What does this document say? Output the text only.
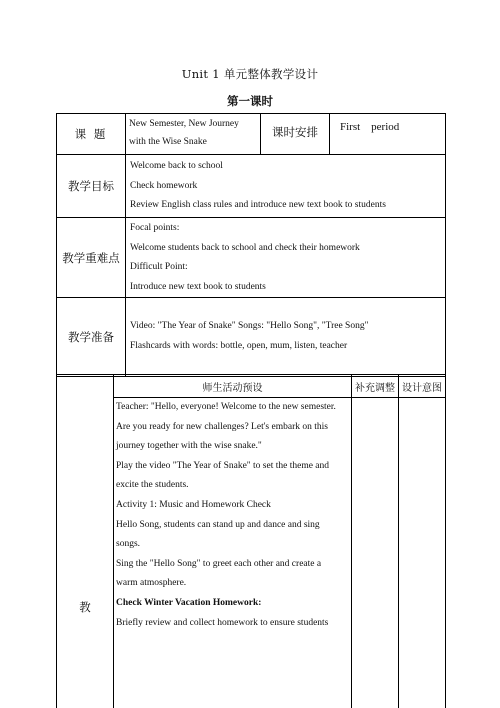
Unit 1 单元整体教学设计
第一课时
课 题
New Semester, New Journey with the Wise Snake
课时安排	First    period
教学目标
Welcome back to school
Check homework
Review English class rules and introduce new text book to students
教学重难点
Focal points:
Welcome students back to school and check their homework
Difficult Point:
Introduce new text book to students
教学准备
Video: "The Year of Snake" Songs: "Hello Song", "Tree Song"
Flashcards with words: bottle, open, mum, listen, teacher
师生活动预设	补充调整 设计意图
教
Teacher: "Hello, everyone! Welcome to the new semester.
Are you ready for new challenges? Let's embark on this
journey together with the wise snake."
Play the video "The Year of Snake" to set the theme and
excite the students.
Activity 1: Music and Homework Check
Hello Song, students can stand up and dance and sing
songs.
Sing the "Hello Song" to greet each other and create a
warm atmosphere.
Check Winter Vacation Homework:
Briefly review and collect homework to ensure students
